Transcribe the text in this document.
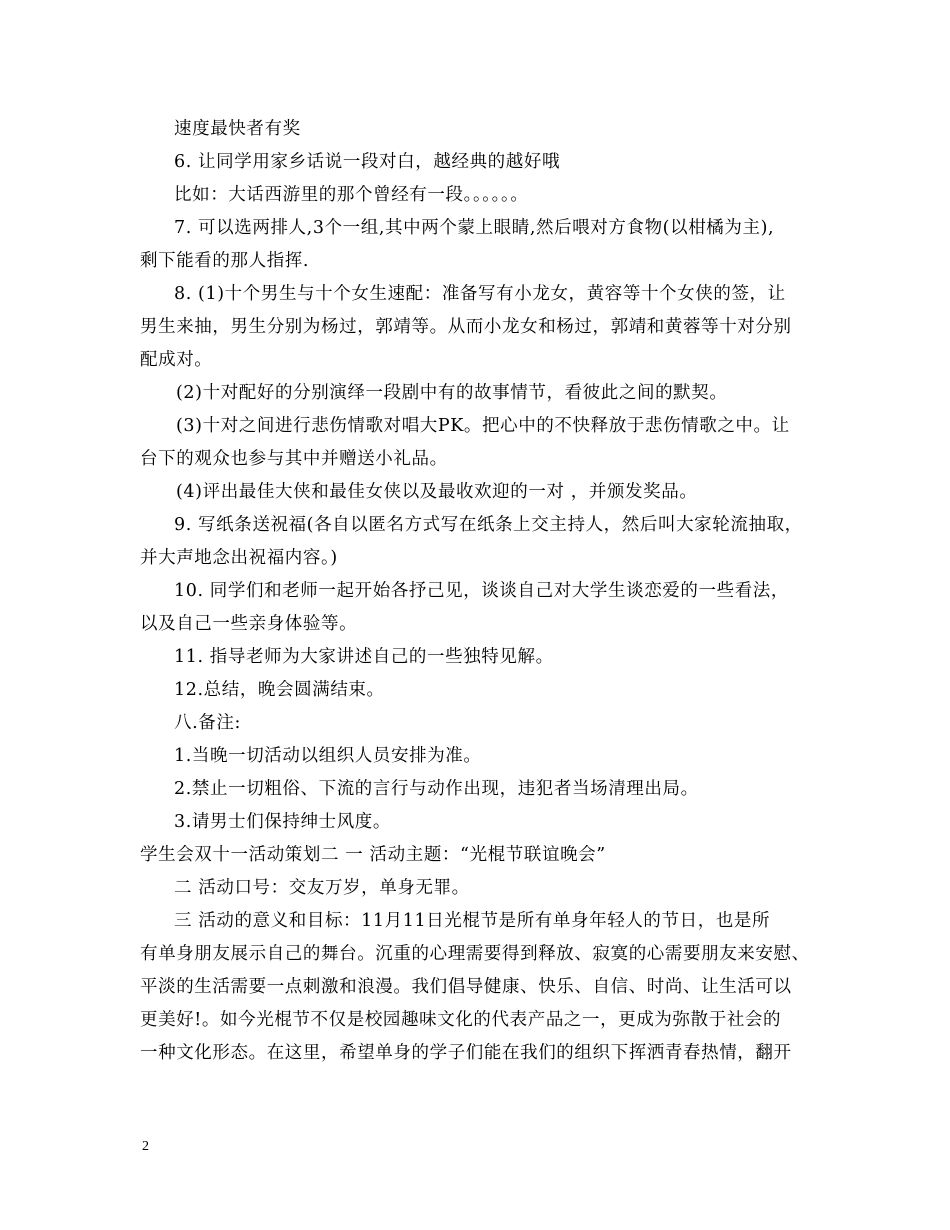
速度最快者有奖
6. 让同学用家乡话说一段对白，越经典的越好哦
比如：大话西游里的那个曾经有一段。。。。。。
7. 可以选两排人,3个一组,其中两个蒙上眼睛,然后喂对方食物(以柑橘为主),
剩下能看的那人指挥.
8. (1)十个男生与十个女生速配：准备写有小龙女，黄容等十个女侠的签，让
男生来抽，男生分别为杨过，郭靖等。从而小龙女和杨过，郭靖和黄蓉等十对分别
配成对。
(2)十对配好的分别演绎一段剧中有的故事情节，看彼此之间的默契。
(3)十对之间进行悲伤情歌对唱大PK。把心中的不快释放于悲伤情歌之中。让
台下的观众也参与其中并赠送小礼品。
(4)评出最佳大侠和最佳女侠以及最收欢迎的一对 ，并颁发奖品。
9. 写纸条送祝福(各自以匿名方式写在纸条上交主持人，然后叫大家轮流抽取，
并大声地念出祝福内容。)
10. 同学们和老师一起开始各抒己见，谈谈自己对大学生谈恋爱的一些看法，
以及自己一些亲身体验等。
11. 指导老师为大家讲述自己的一些独特见解。
12.总结，晚会圆满结束。
八.备注:
1.当晚一切活动以组织人员安排为准。
2.禁止一切粗俗、下流的言行与动作出现，违犯者当场清理出局。
3.请男士们保持绅士风度。
学生会双十一活动策划二 一 活动主题：“光棍节联谊晚会”
二 活动口号：交友万岁，单身无罪。
三 活动的意义和目标：11月11日光棍节是所有单身年轻人的节日，也是所
有单身朋友展示自己的舞台。沉重的心理需要得到释放、寂寞的心需要朋友来安慰、
平淡的生活需要一点刺激和浪漫。我们倡导健康、快乐、自信、时尚、让生活可以
更美好!。如今光棍节不仅是校园趣味文化的代表产品之一，更成为弥散于社会的
一种文化形态。在这里，希望单身的学子们能在我们的组织下挥洒青春热情，翻开
2
